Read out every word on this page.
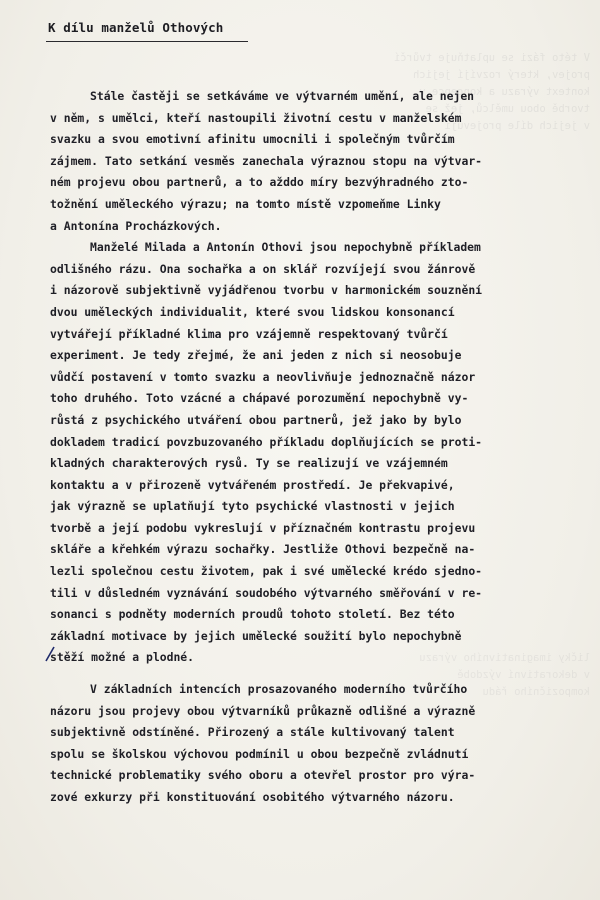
V této fázi se uplatňuje tvůrčí
projev, který rozvíjí jejich
kontext výrazu a koncepce v
tvorbě obou umělců, jež se
v jejich díle projevují

ličky imaginativního výrazu
v dekorativní výzdobě
kompozičního řádu

K dílu manželů Othových
Stále častěji se setkáváme ve výtvarném umění, ale nejen
v něm, s umělci, kteří nastoupili životní cestu v manželském
svazku a svou emotivní afinitu umocnili i společným tvůrčím
zájmem. Tato setkání vesměs zanechala výraznou stopu na výtvar-
ném projevu obou partnerů, a to ažddo míry bezvýhradného zto-
tožnění uměleckého výrazu; na tomto místě vzpomeňme Linky
a Antonína Procházkových.
Manželé Milada a Antonín Othovi jsou nepochybně příkladem
odlišného rázu. Ona sochařka a on sklář rozvíjejí svou žánrově
i názorově subjektivně vyjádřenou tvorbu v harmonickém souznění
dvou uměleckých individualit, které svou lidskou konsonancí
vytvářejí příkladné klima pro vzájemně respektovaný tvůrčí
experiment. Je tedy zřejmé, že ani jeden z nich si neosobuje
vůdčí postavení v tomto svazku a neovlivňuje jednoznačně názor
toho druhého. Toto vzácné a chápavé porozumění nepochybně vy-
růstá z psychického utváření obou partnerů, jež jako by bylo
dokladem tradicí povzbuzovaného příkladu doplňujících se proti-
kladných charakterových rysů. Ty se realizují ve vzájemném
kontaktu a v přirozeně vytvářeném prostředí. Je překvapivé,
jak výrazně se uplatňují tyto psychické vlastnosti v jejich
tvorbě a její podobu vykreslují v příznačném kontrastu projevu
skláře a křehkém výrazu sochařky. Jestliže Othovi bezpečně na-
lezli společnou cestu životem, pak i své umělecké krédo sjedno-
tili v důsledném vyznávání soudobého výtvarného směřování v re-
sonanci s podněty moderních proudů tohoto století. Bez této
základní motivace by jejich umělecké soužití bylo nepochybně
stěží možné a plodné.
V základních intencích prosazovaného moderního tvůrčího
názoru jsou projevy obou výtvarníků průkazně odlišné a výrazně
subjektivně odstíněné. Přirozený a stále kultivovaný talent
spolu se školskou výchovou podmínil u obou bezpečně zvládnutí
technické problematiky svého oboru a otevřel prostor pro výra-
zové exkurzy při konstituování osobitého výtvarného názoru.
